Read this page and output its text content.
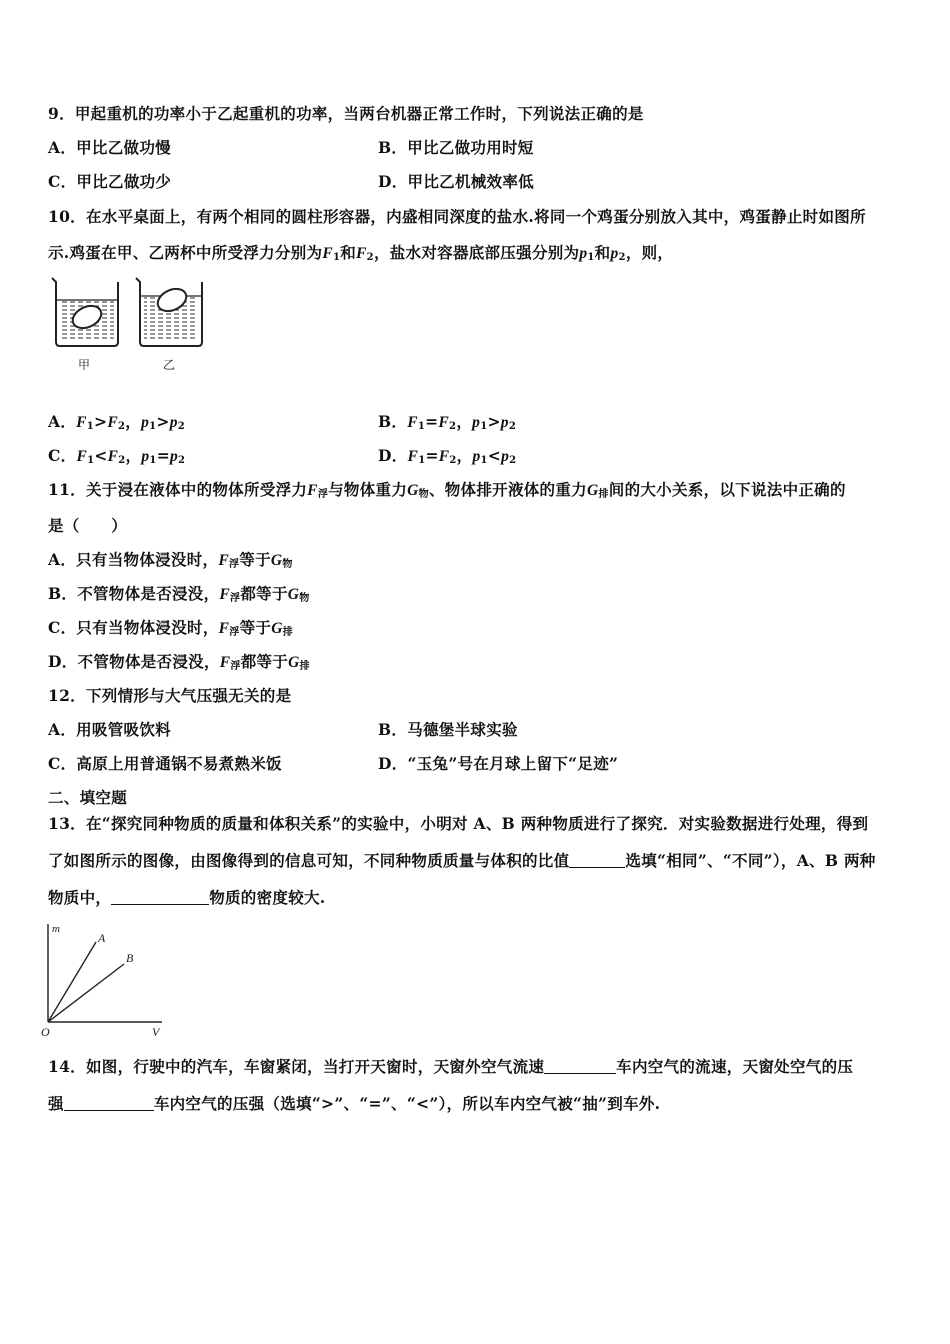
9．甲起重机的功率小于乙起重机的功率，当两台机器正常工作时，下列说法正确的是
A．甲比乙做功慢	B．甲比乙做功用时短
C．甲比乙做功少	D．甲比乙机械效率低
10．在水平桌面上，有两个相同的圆柱形容器，内盛相同深度的盐水.将同一个鸡蛋分别放入其中，鸡蛋静止时如图所
示.鸡蛋在甲、乙两杯中所受浮力分别为$F_1$和$F_2$，盐水对容器底部压强分别为$p_1$和$p_2$，则，
甲	乙
A．$F_1>F_2$，$p_1>p_2$	B．$F_1=F_2$，$p_1>p_2$
C．$F_1<F_2$，$p_1=p_2$	D．$F_1=F_2$，$p_1<p_2$
11．关于浸在液体中的物体所受浮力$F_浮$与物体重力$G_物$、物体排开液体的重力$G_排$间的大小关系，以下说法中正确的
是（　　）
A．只有当物体浸没时，$F_浮$等于$G_物$
B．不管物体是否浸没，$F_浮$都等于$G_物$
C．只有当物体浸没时，$F_浮$等于$G_排$
D．不管物体是否浸没，$F_浮$都等于$G_排$
12．下列情形与大气压强无关的是
A．用吸管吸饮料	B．马德堡半球实验
C．高原上用普通锅不易煮熟米饭	D．“玉兔”号在月球上留下“足迹”
二、填空题
13．在“探究同种物质的质量和体积关系”的实验中，小明对 A、B 两种物质进行了探究．对实验数据进行处理，得到
了如图所示的图像，由图像得到的信息可知，不同种物质质量与体积的比值	选填“相同”、“不同”），A、B 两种
物质中，	物质的密度较大.
m
A
B
O	V
14．如图，行驶中的汽车，车窗紧闭，当打开天窗时，天窗外空气流速	车内空气的流速，天窗处空气的压
强	车内空气的压强（选填“>”、“=”、“<”），所以车内空气被“抽”到车外.
